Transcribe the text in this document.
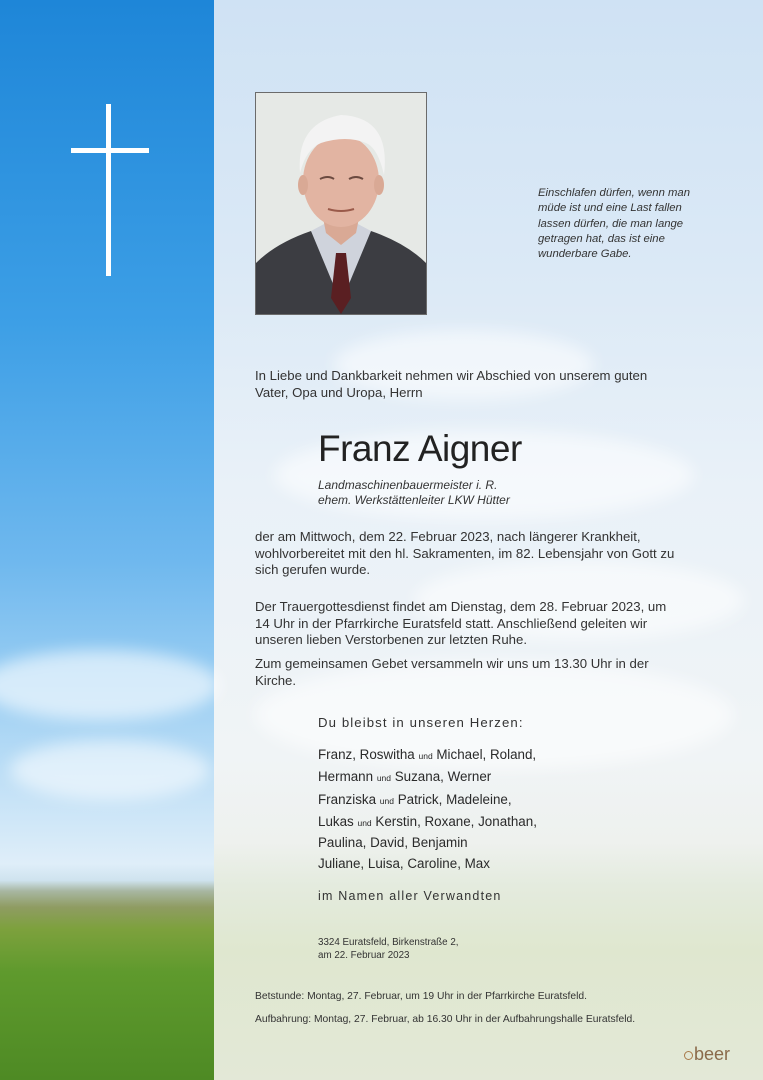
Einschlafen dürfen, wenn man
müde ist und eine Last fallen
lassen dürfen, die man lange
getragen hat, das ist eine
wunderbare Gabe.
In Liebe und Dankbarkeit nehmen wir Abschied von unserem guten
Vater, Opa und Uropa, Herrn

Franz Aigner

Landmaschinenbauermeister i. R.

ehem. Werkstättenleiter LKW Hütter

der am Mittwoch, dem 22. Februar 2023, nach längerer Krankheit,
wohlvorbereitet mit den hl. Sakramenten, im 82. Lebensjahr von Gott zu
sich gerufen wurde.
Der Trauergottesdienst findet am Dienstag, dem 28. Februar 2023, um
14 Uhr in der Pfarrkirche Euratsfeld statt. Anschließend geleiten wir
unseren lieben Verstorbenen zur letzten Ruhe.
Zum gemeinsamen Gebet versammeln wir uns um 13.30 Uhr in der
Kirche.

Du bleibst in unseren Herzen:

Franz, Roswitha und Michael, Roland,
Hermann und Suzana, Werner
Franziska und Patrick, Madeleine,
Lukas und Kerstin, Roxane, Jonathan,
Paulina, David, Benjamin
Juliane, Luisa, Caroline, Max

im Namen aller Verwandten

3324 Euratsfeld, Birkenstraße 2,
am 22. Februar 2023

Betstunde: Montag, 27. Februar, um 19 Uhr in der Pfarrkirche Euratsfeld.

Aufbahrung: Montag, 27. Februar, ab 16.30 Uhr in der Aufbahrungshalle Euratsfeld.

beer
